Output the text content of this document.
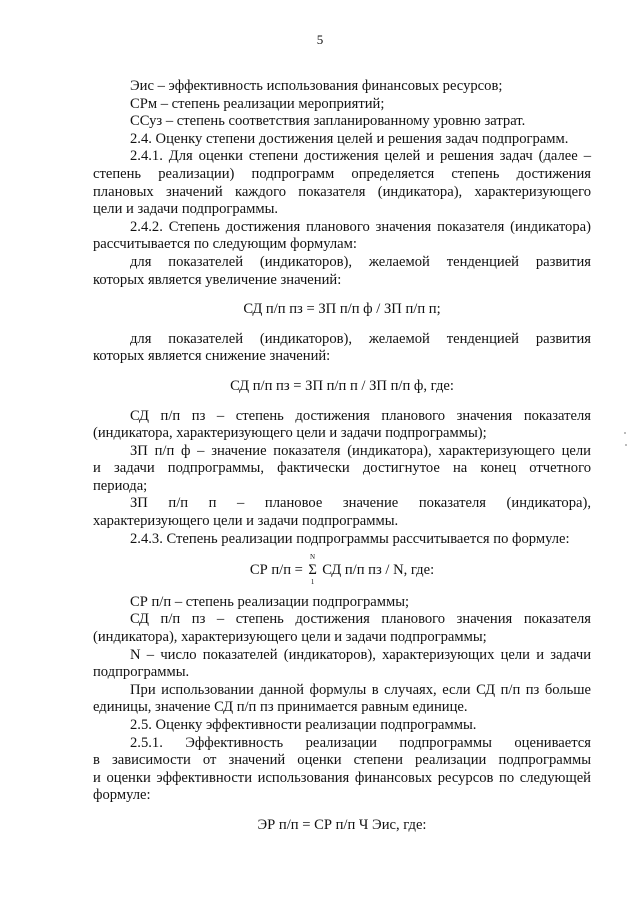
5

Эис – эффективность использования финансовых ресурсов;

СРм – степень реализации мероприятий;

ССуз – степень соответствия запланированному уровню затрат.

2.4. Оценку степени достижения целей и решения задач подпрограмм.

2.4.1. Для оценки степени достижения целей и решения задач (далее –

степень реализации) подпрограмм определяется степень достижения

плановых значений каждого показателя (индикатора), характеризующего

цели и задачи подпрограммы.

2.4.2. Степень достижения планового значения показателя (индикатора)

рассчитывается по следующим формулам:

для показателей (индикаторов), желаемой тенденцией развития

которых является увеличение значений:

СД п/п пз = ЗП п/п ф / ЗП п/п п;

для показателей (индикаторов), желаемой тенденцией развития

которых является снижение значений:

СД п/п пз = ЗП п/п п / ЗП п/п ф, где:

СД п/п пз – степень достижения планового значения показателя

(индикатора, характеризующего цели и задачи подпрограммы);

ЗП п/п ф – значение показателя (индикатора), характеризующего цели

и задачи подпрограммы, фактически достигнутое на конец отчетного

периода;

ЗП п/п п – плановое значение показателя (индикатора),

характеризующего цели и задачи подпрограммы.

2.4.3. Степень реализации подпрограммы рассчитывается по формуле:

СР п/п = Σ
N
1
СД п/п пз / N, где:

СР п/п – степень реализации подпрограммы;

СД п/п пз – степень достижения планового значения показателя

(индикатора), характеризующего цели и задачи подпрограммы;

N – число показателей (индикаторов), характеризующих цели и задачи

подпрограммы.

При использовании данной формулы в случаях, если СД п/п пз больше

единицы, значение СД п/п пз принимается равным единице.

2.5. Оценку эффективности реализации подпрограммы.

2.5.1. Эффективность реализации подпрограммы оценивается

в зависимости от значений оценки степени реализации подпрограммы

и оценки эффективности использования финансовых ресурсов по следующей

формуле:

ЭР п/п = СР п/п Ч Эис, где:
